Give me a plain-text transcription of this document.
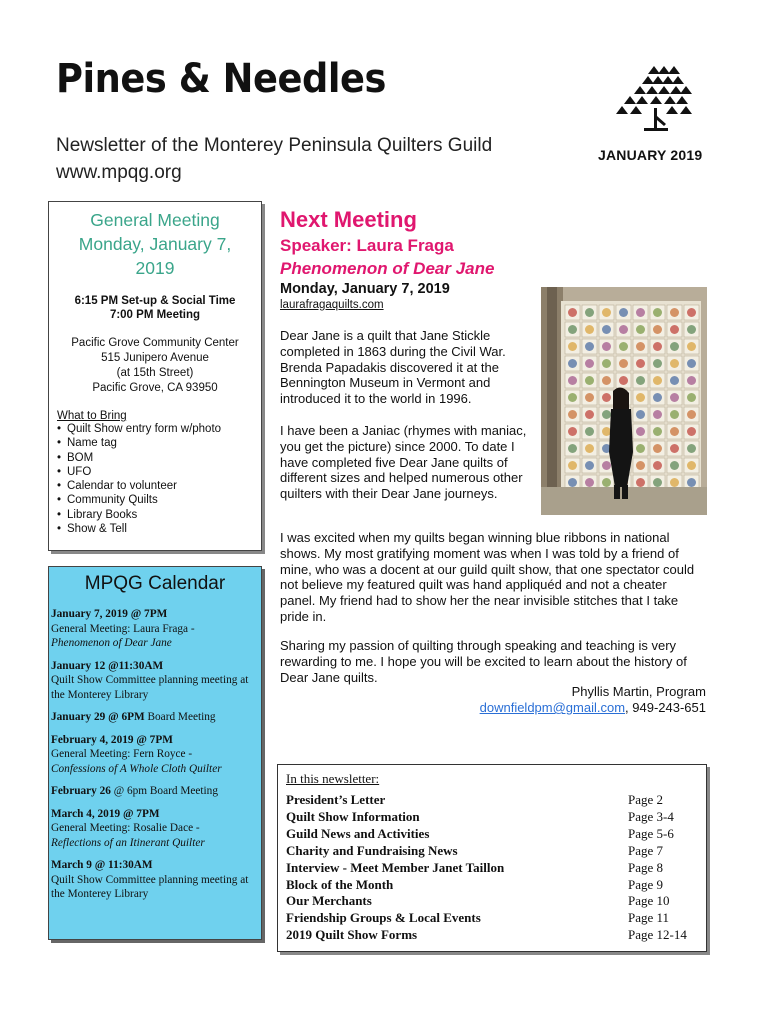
Pines & Needles
Newsletter of the Monterey Peninsula Quilters Guild
www.mpqg.org
JANUARY 2019
General Meeting
Monday, January 7,
2019
6:15 PM Set-up & Social Time
7:00 PM Meeting
Pacific Grove Community Center
515 Junipero Avenue
(at 15th Street)
Pacific Grove, CA 93950
What to Bring
• Quilt Show entry form w/photo
• Name tag
• BOM
• UFO
• Calendar to volunteer
• Community Quilts
• Library Books
• Show & Tell
MPQG Calendar
January 7, 2019 @ 7PM
General Meeting: Laura Fraga -
Phenomenon of Dear Jane
January 12 @11:30AM
Quilt Show Committee planning meeting at the Monterey Library
January 29 @ 6PM Board Meeting
February 4, 2019 @ 7PM
General Meeting: Fern Royce -
Confessions of A Whole Cloth Quilter
February 26 @ 6pm Board Meeting
March 4, 2019 @ 7PM
General Meeting: Rosalie Dace -
Reflections of an Itinerant Quilter
March 9 @ 11:30AM
Quilt Show Committee planning meeting at the Monterey Library
Next Meeting
Speaker: Laura Fraga
Phenomenon of Dear Jane
Monday, January 7, 2019
laurafragaquilts.com
Dear Jane is a quilt that Jane Stickle completed in 1863 during the Civil War. Brenda Papadakis discovered it at the Bennington Museum in Vermont and introduced it to the world in 1996.
I have been a Janiac (rhymes with maniac, you get the picture) since 2000. To date I have completed five Dear Jane quilts of different sizes and helped numerous other quilters with their Dear Jane journeys.
I was excited when my quilts began winning blue ribbons in national shows. My most gratifying moment was when I was told by a friend of mine, who was a docent at our guild quilt show, that one spectator could not believe my featured quilt was hand appliquéd and not a cheater panel. My friend had to show her the near invisible stitches that I take pride in.
Sharing my passion of quilting through speaking and teaching is very rewarding to me. I hope you will be excited to learn about the history of Dear Jane quilts.
Phyllis Martin, Program
downfieldpm@gmail.com, 949-243-651
In this newsletter:
President’s Letter	Page 2
Quilt Show Information	Page 3-4
Guild News and Activities	Page 5-6
Charity and Fundraising News	Page 7
Interview - Meet Member Janet Taillon	Page 8
Block of the Month	Page 9
Our Merchants	Page 10
Friendship Groups & Local Events	Page 11
2019 Quilt Show Forms	Page 12-14
